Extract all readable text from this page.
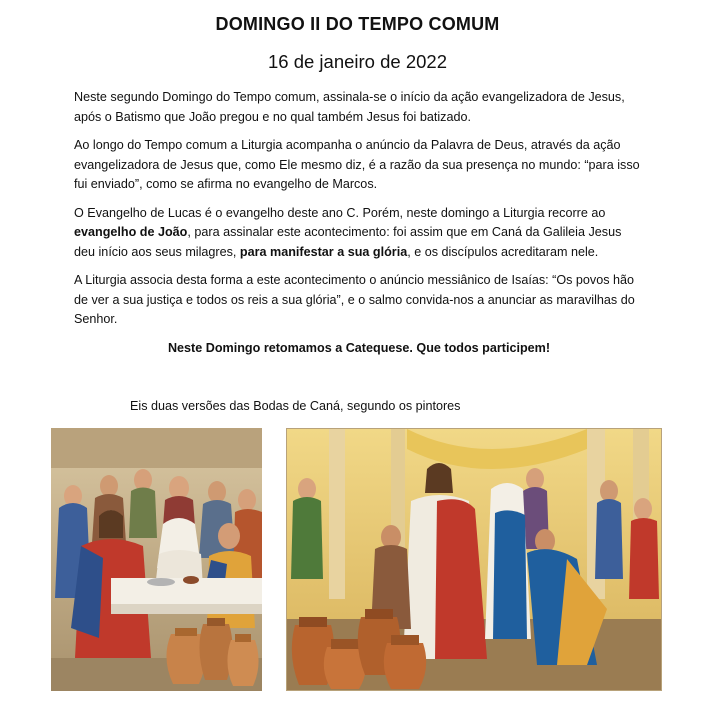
DOMINGO II DO TEMPO COMUM
16 de janeiro de 2022

Neste segundo Domingo do Tempo comum, assinala-se o início da ação evangelizadora de Jesus, após o Batismo que João pregou e no qual também Jesus foi batizado.

Ao longo do Tempo comum a Liturgia acompanha o anúncio da Palavra de Deus, através da ação evangelizadora de Jesus que, como Ele mesmo diz, é a razão da sua presença no mundo: “para isso fui enviado”, como se afirma no evangelho de Marcos.

O Evangelho de Lucas é o evangelho deste ano C. Porém, neste domingo a Liturgia recorre ao evangelho de João, para assinalar este acontecimento: foi assim que em Caná da Galileia Jesus deu início aos seus milagres, para manifestar a sua glória, e os discípulos acreditaram nele.

A Liturgia associa desta forma a este acontecimento o anúncio messiânico de Isaías: “Os povos hão de ver a sua justiça e todos os reis a sua glória”, e o salmo convida-nos a anunciar as maravilhas do Senhor.

Neste Domingo retomamos a Catequese. Que todos participem!

Eis duas versões das Bodas de Caná, segundo os pintores
